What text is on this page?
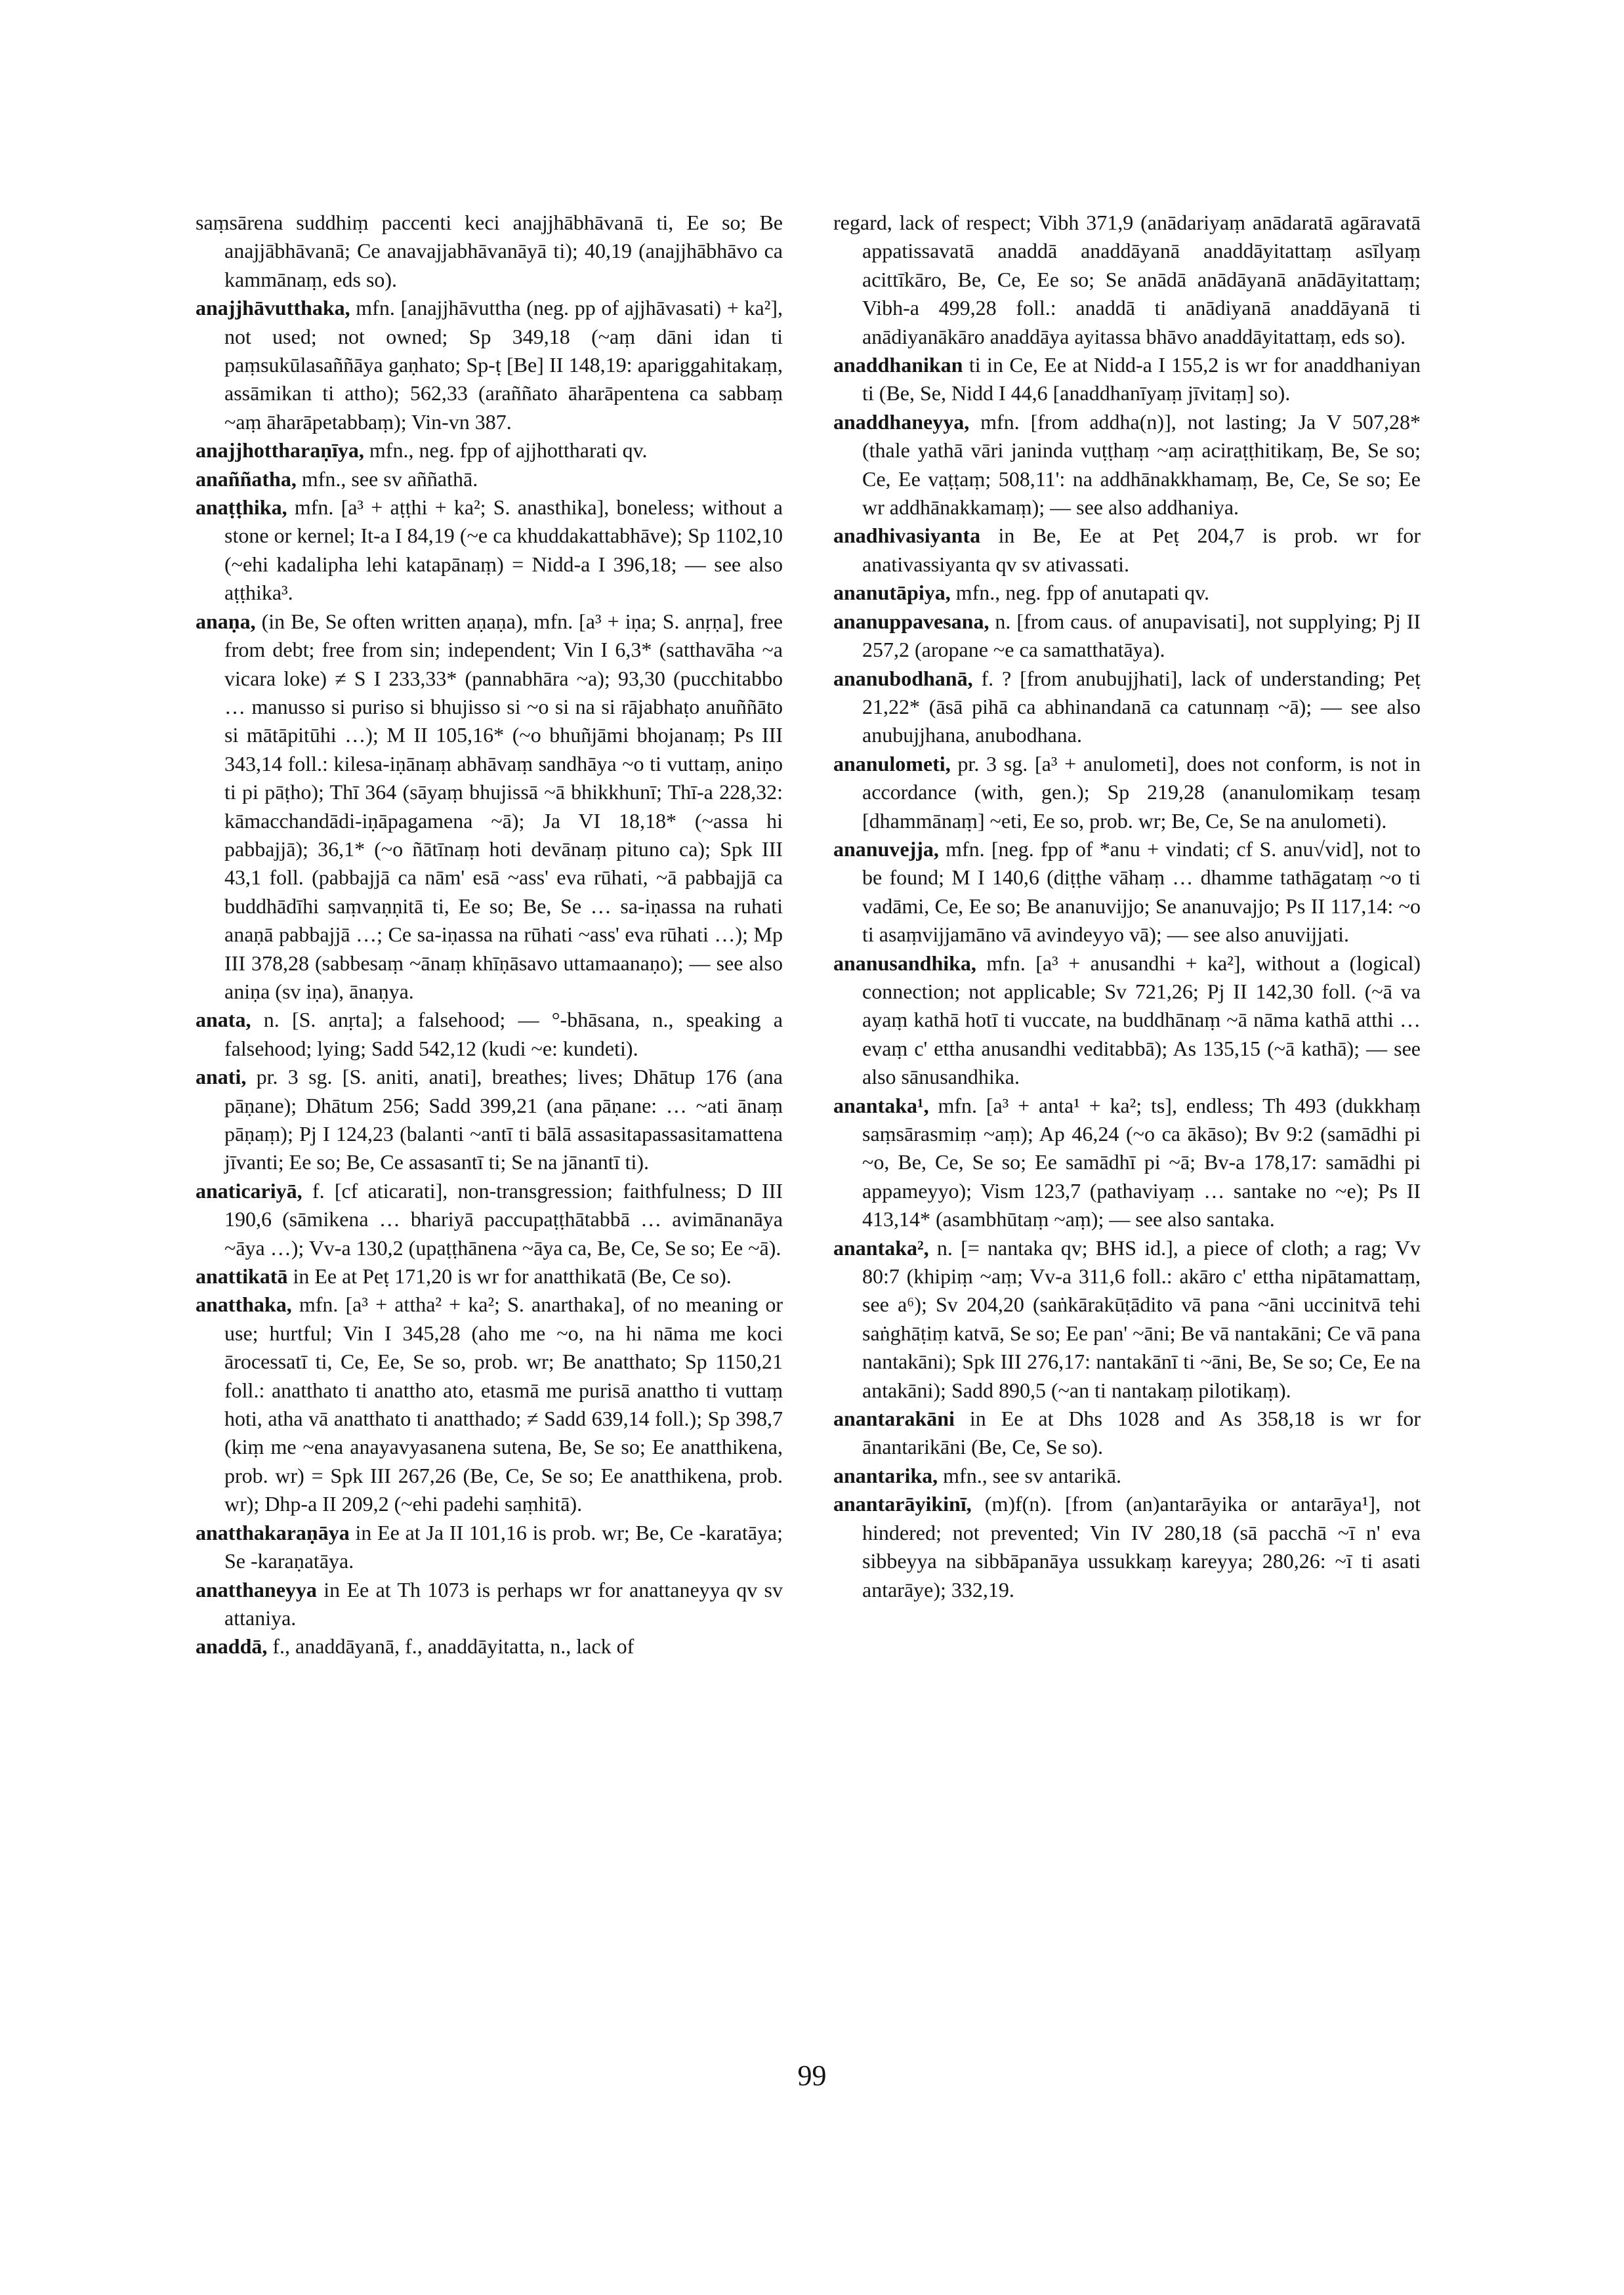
saṃsārena suddhiṃ paccenti keci anajjhābhāvanā ti, Ee so; Be anajjābhāvanā; Ce anavajjabhāvanāyā ti); 40,19 (anajjhābhāvo ca kammānaṃ, eds so).

anajjhāvutthaka, mfn. [anajjhāvuttha (neg. pp of ajjhāvasati) + ka²], not used; not owned; Sp 349,18 (~aṃ dāni idan ti paṃsukūlasaññāya gaṇhato; Sp-ṭ [Be] II 148,19: apariggahitakaṃ, assāmikan ti attho); 562,33 (araññato āharāpentena ca sabbaṃ ~aṃ āharāpetabbaṃ); Vin-vn 387.

anajjhottharaṇīya, mfn., neg. fpp of ajjhottharati qv.

anaññatha, mfn., see sv aññathā.

anaṭṭhika, mfn. [a³ + aṭṭhi + ka²; S. anasthika], boneless; without a stone or kernel; It-a I 84,19 (~e ca khuddakattabhāve); Sp 1102,10 (~ehi kadalipha lehi katapānaṃ) = Nidd-a I 396,18; — see also aṭṭhika³.

anaṇa, (in Be, Se often written aṇaṇa), mfn. [a³ + iṇa; S. anṛṇa], free from debt; free from sin; independent; Vin I 6,3* (satthavāha ~a vicara loke) ≠ S I 233,33* (pannabhāra ~a); 93,30 (pucchitabbo … manusso si puriso si bhujisso si ~o si na si rājabhaṭo anuññāto si mātāpitūhi …); M II 105,16* (~o bhuñjāmi bhojanaṃ; Ps III 343,14 foll.: kilesa-iṇānaṃ abhāvaṃ sandhāya ~o ti vuttaṃ, aniṇo ti pi pāṭho); Thī 364 (sāyaṃ bhujissā ~ā bhikkhunī; Thī-a 228,32: kāmacchandādi-iṇāpagamena ~ā); Ja VI 18,18* (~assa hi pabbajjā); 36,1* (~o ñātīnaṃ hoti devānaṃ pituno ca); Spk III 43,1 foll. (pabbajjā ca nām' esā ~ass' eva rūhati, ~ā pabbajjā ca buddhādīhi saṃvaṇṇitā ti, Ee so; Be, Se … sa-iṇassa na ruhati anaṇā pabbajjā …; Ce sa-iṇassa na rūhati ~ass' eva rūhati …); Mp III 378,28 (sabbesaṃ ~ānaṃ khīṇāsavo uttamaanaṇo); — see also aniṇa (sv iṇa), ānaṇya.

anata, n. [S. anṛta]; a falsehood; — °-bhāsana, n., speaking a falsehood; lying; Sadd 542,12 (kudi ~e: kundeti).

anati, pr. 3 sg. [S. aniti, anati], breathes; lives; Dhātup 176 (ana pāṇane); Dhātum 256; Sadd 399,21 (ana pāṇane: … ~ati ānaṃ pāṇaṃ); Pj I 124,23 (balanti ~antī ti bālā assasitapassasitamattena jīvanti; Ee so; Be, Ce assasantī ti; Se na jānantī ti).

anaticariyā, f. [cf aticarati], non-transgression; faithfulness; D III 190,6 (sāmikena … bhariyā paccupaṭṭhātabbā … avimānanāya ~āya …); Vv-a 130,2 (upaṭṭhānena ~āya ca, Be, Ce, Se so; Ee ~ā).

anattikatā in Ee at Peṭ 171,20 is wr for anatthikatā (Be, Ce so).

anatthaka, mfn. [a³ + attha² + ka²; S. anarthaka], of no meaning or use; hurtful; Vin I 345,28 (aho me ~o, na hi nāma me koci ārocessatī ti, Ce, Ee, Se so, prob. wr; Be anatthato; Sp 1150,21 foll.: anatthato ti anattho ato, etasmā me purisā anattho ti vuttaṃ hoti, atha vā anatthato ti anatthado; ≠ Sadd 639,14 foll.); Sp 398,7 (kiṃ me ~ena anayavyasanena sutena, Be, Se so; Ee anatthikena, prob. wr) = Spk III 267,26 (Be, Ce, Se so; Ee anatthikena, prob. wr); Dhp-a II 209,2 (~ehi padehi saṃhitā).

anatthakaraṇāya in Ee at Ja II 101,16 is prob. wr; Be, Ce -karatāya; Se -karaṇatāya.

anatthaneyya in Ee at Th 1073 is perhaps wr for anattaneyya qv sv attaniya.

anaddā, f., anaddāyanā, f., anaddāyitatta, n., lack of

regard, lack of respect; Vibh 371,9 (anādariyaṃ anādaratā agāravatā appatissavatā anaddā anaddāyanā anaddāyitattaṃ asīlyaṃ acittīkāro, Be, Ce, Ee so; Se anādā anādāyanā anādāyitattaṃ; Vibh-a 499,28 foll.: anaddā ti anādiyanā anaddāyanā ti anādiyanākāro anaddāya ayitassa bhāvo anaddāyitattaṃ, eds so).

anaddhanikan ti in Ce, Ee at Nidd-a I 155,2 is wr for anaddhaniyan ti (Be, Se, Nidd I 44,6 [anaddhanīyaṃ jīvitaṃ] so).

anaddhaneyya, mfn. [from addha(n)], not lasting; Ja V 507,28* (thale yathā vāri janinda vuṭṭhaṃ ~aṃ aciraṭṭhitikaṃ, Be, Se so; Ce, Ee vaṭṭaṃ; 508,11': na addhānakkhamaṃ, Be, Ce, Se so; Ee wr addhānakkamaṃ); — see also addhaniya.

anadhivasiyanta in Be, Ee at Peṭ 204,7 is prob. wr for anativassiyanta qv sv ativassati.

ananutāpiya, mfn., neg. fpp of anutapati qv.

ananuppavesana, n. [from caus. of anupavisati], not supplying; Pj II 257,2 (aropane ~e ca samatthatāya).

ananubodhanā, f. ? [from anubujjhati], lack of understanding; Peṭ 21,22* (āsā pihā ca abhinandanā ca catunnaṃ ~ā); — see also anubujjhana, anubodhana.

ananulometi, pr. 3 sg. [a³ + anulometi], does not conform, is not in accordance (with, gen.); Sp 219,28 (ananulomikaṃ tesaṃ [dhammānaṃ] ~eti, Ee so, prob. wr; Be, Ce, Se na anulometi).

ananuvejja, mfn. [neg. fpp of *anu + vindati; cf S. anu√vid], not to be found; M I 140,6 (diṭṭhe vāhaṃ … dhamme tathāgataṃ ~o ti vadāmi, Ce, Ee so; Be ananuvijjo; Se ananuvajjo; Ps II 117,14: ~o ti asaṃvijjamāno vā avindeyyo vā); — see also anuvijjati.

ananusandhika, mfn. [a³ + anusandhi + ka²], without a (logical) connection; not applicable; Sv 721,26; Pj II 142,30 foll. (~ā va ayaṃ kathā hotī ti vuccate, na buddhānaṃ ~ā nāma kathā atthi … evaṃ c' ettha anusandhi veditabbā); As 135,15 (~ā kathā); — see also sānusandhika.

anantaka¹, mfn. [a³ + anta¹ + ka²; ts], endless; Th 493 (dukkhaṃ saṃsārasmiṃ ~aṃ); Ap 46,24 (~o ca ākāso); Bv 9:2 (samādhi pi ~o, Be, Ce, Se so; Ee samādhī pi ~ā; Bv-a 178,17: samādhi pi appameyyo); Vism 123,7 (pathaviyaṃ … santake no ~e); Ps II 413,14* (asambhūtaṃ ~aṃ); — see also santaka.

anantaka², n. [= nantaka qv; BHS id.], a piece of cloth; a rag; Vv 80:7 (khipiṃ ~aṃ; Vv-a 311,6 foll.: akāro c' ettha nipātamattaṃ, see a⁶); Sv 204,20 (saṅkārakūṭādito vā pana ~āni uccinitvā tehi saṅghāṭiṃ katvā, Se so; Ee pan' ~āni; Be vā nantakāni; Ce vā pana nantakāni); Spk III 276,17: nantakānī ti ~āni, Be, Se so; Ce, Ee na antakāni); Sadd 890,5 (~an ti nantakaṃ pilotikaṃ).

anantarakāni in Ee at Dhs 1028 and As 358,18 is wr for ānantarikāni (Be, Ce, Se so).

anantarika, mfn., see sv antarikā.

anantarāyikinī, (m)f(n). [from (an)antarāyika or antarāya¹], not hindered; not prevented; Vin IV 280,18 (sā pacchā ~ī n' eva sibbeyya na sibbāpanāya ussukkaṃ kareyya; 280,26: ~ī ti asati antarāye); 332,19.

99
